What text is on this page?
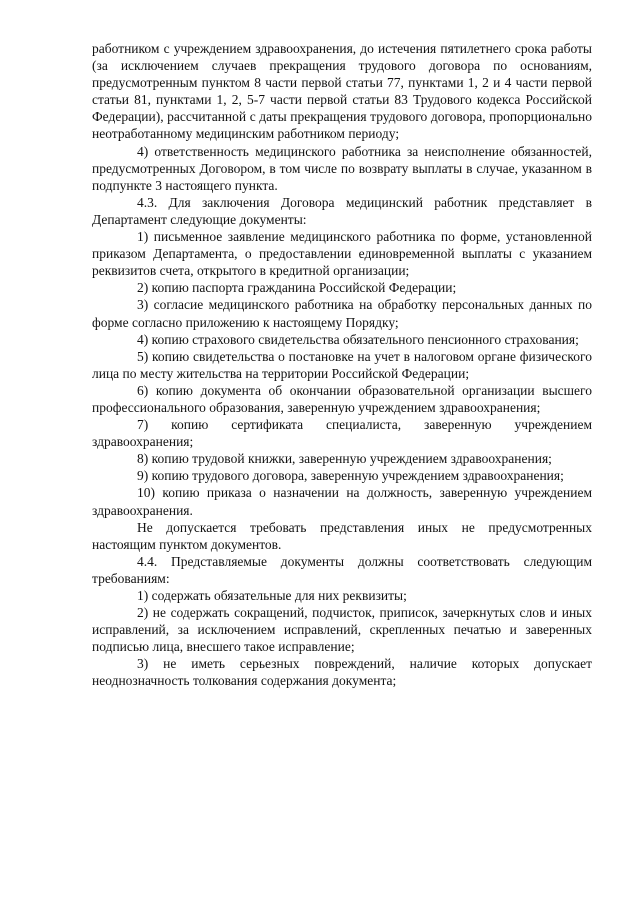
работником с учреждением здравоохранения, до истечения пятилетнего срока работы (за исключением случаев прекращения трудового договора по основаниям, предусмотренным пунктом 8 части первой статьи 77, пунктами 1, 2 и 4 части первой статьи 81, пунктами 1, 2, 5-7 части первой статьи 83 Трудового кодекса Российской Федерации), рассчитанной с даты прекращения трудового договора, пропорционально неотработанному медицинским работником периоду;

4) ответственность медицинского работника за неисполнение обязанностей, предусмотренных Договором, в том числе по возврату выплаты в случае, указанном в подпункте 3 настоящего пункта.

4.3. Для заключения Договора медицинский работник представляет в Департамент следующие документы:

1) письменное заявление медицинского работника по форме, установленной приказом Департамента, о предоставлении единовременной выплаты с указанием реквизитов счета, открытого в кредитной организации;

2) копию паспорта гражданина Российской Федерации;

3) согласие медицинского работника на обработку персональных данных по форме согласно приложению к настоящему Порядку;

4) копию страхового свидетельства обязательного пенсионного страхования;

5) копию свидетельства о постановке на учет в налоговом органе физического лица по месту жительства на территории Российской Федерации;

6) копию документа об окончании образовательной организации высшего профессионального образования, заверенную учреждением здравоохранения;

7) копию сертификата специалиста, заверенную учреждением здравоохранения;

8) копию трудовой книжки, заверенную учреждением здравоохранения;

9) копию трудового договора, заверенную учреждением здравоохранения;

10) копию приказа о назначении на должность, заверенную учреждением здравоохранения.

Не допускается требовать представления иных не предусмотренных настоящим пунктом документов.

4.4. Представляемые документы должны соответствовать следующим требованиям:

1) содержать обязательные для них реквизиты;

2) не содержать сокращений, подчисток, приписок, зачеркнутых слов и иных исправлений, за исключением исправлений, скрепленных печатью и заверенных подписью лица, внесшего такое исправление;

3) не иметь серьезных повреждений, наличие которых допускает неоднозначность толкования содержания документа;
